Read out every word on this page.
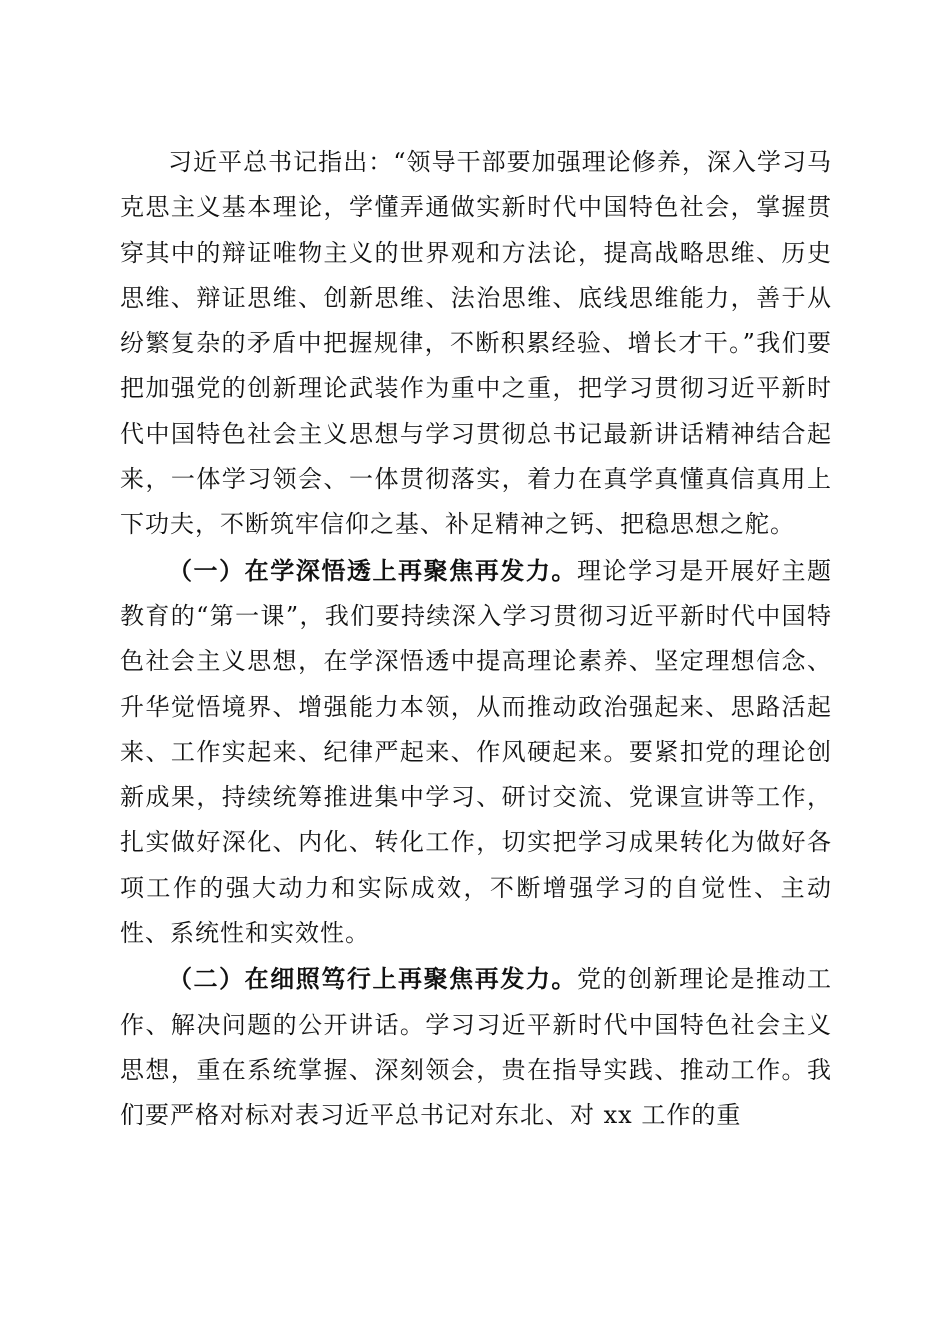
习近平总书记指出：“领导干部要加强理论修养，深入学习马克思主义基本理论，学懂弄通做实新时代中国特色社会，掌握贯穿其中的辩证唯物主义的世界观和方法论，提高战略思维、历史思维、辩证思维、创新思维、法治思维、底线思维能力，善于从纷繁复杂的矛盾中把握规律，不断积累经验、增长才干。”我们要把加强党的创新理论武装作为重中之重，把学习贯彻习近平新时代中国特色社会主义思想与学习贯彻总书记最新讲话精神结合起来，一体学习领会、一体贯彻落实，着力在真学真懂真信真用上下功夫，不断筑牢信仰之基、补足精神之钙、把稳思想之舵。

（一）在学深悟透上再聚焦再发力。理论学习是开展好主题教育的“第一课”，我们要持续深入学习贯彻习近平新时代中国特色社会主义思想，在学深悟透中提高理论素养、坚定理想信念、升华觉悟境界、增强能力本领，从而推动政治强起来、思路活起来、工作实起来、纪律严起来、作风硬起来。要紧扣党的理论创新成果，持续统筹推进集中学习、研讨交流、党课宣讲等工作，扎实做好深化、内化、转化工作，切实把学习成果转化为做好各项工作的强大动力和实际成效，不断增强学习的自觉性、主动性、系统性和实效性。

（二）在细照笃行上再聚焦再发力。党的创新理论是推动工作、解决问题的公开讲话。学习习近平新时代中国特色社会主义思想，重在系统掌握、深刻领会，贵在指导实践、推动工作。我们要严格对标对表习近平总书记对东北、对 xx 工作的重
